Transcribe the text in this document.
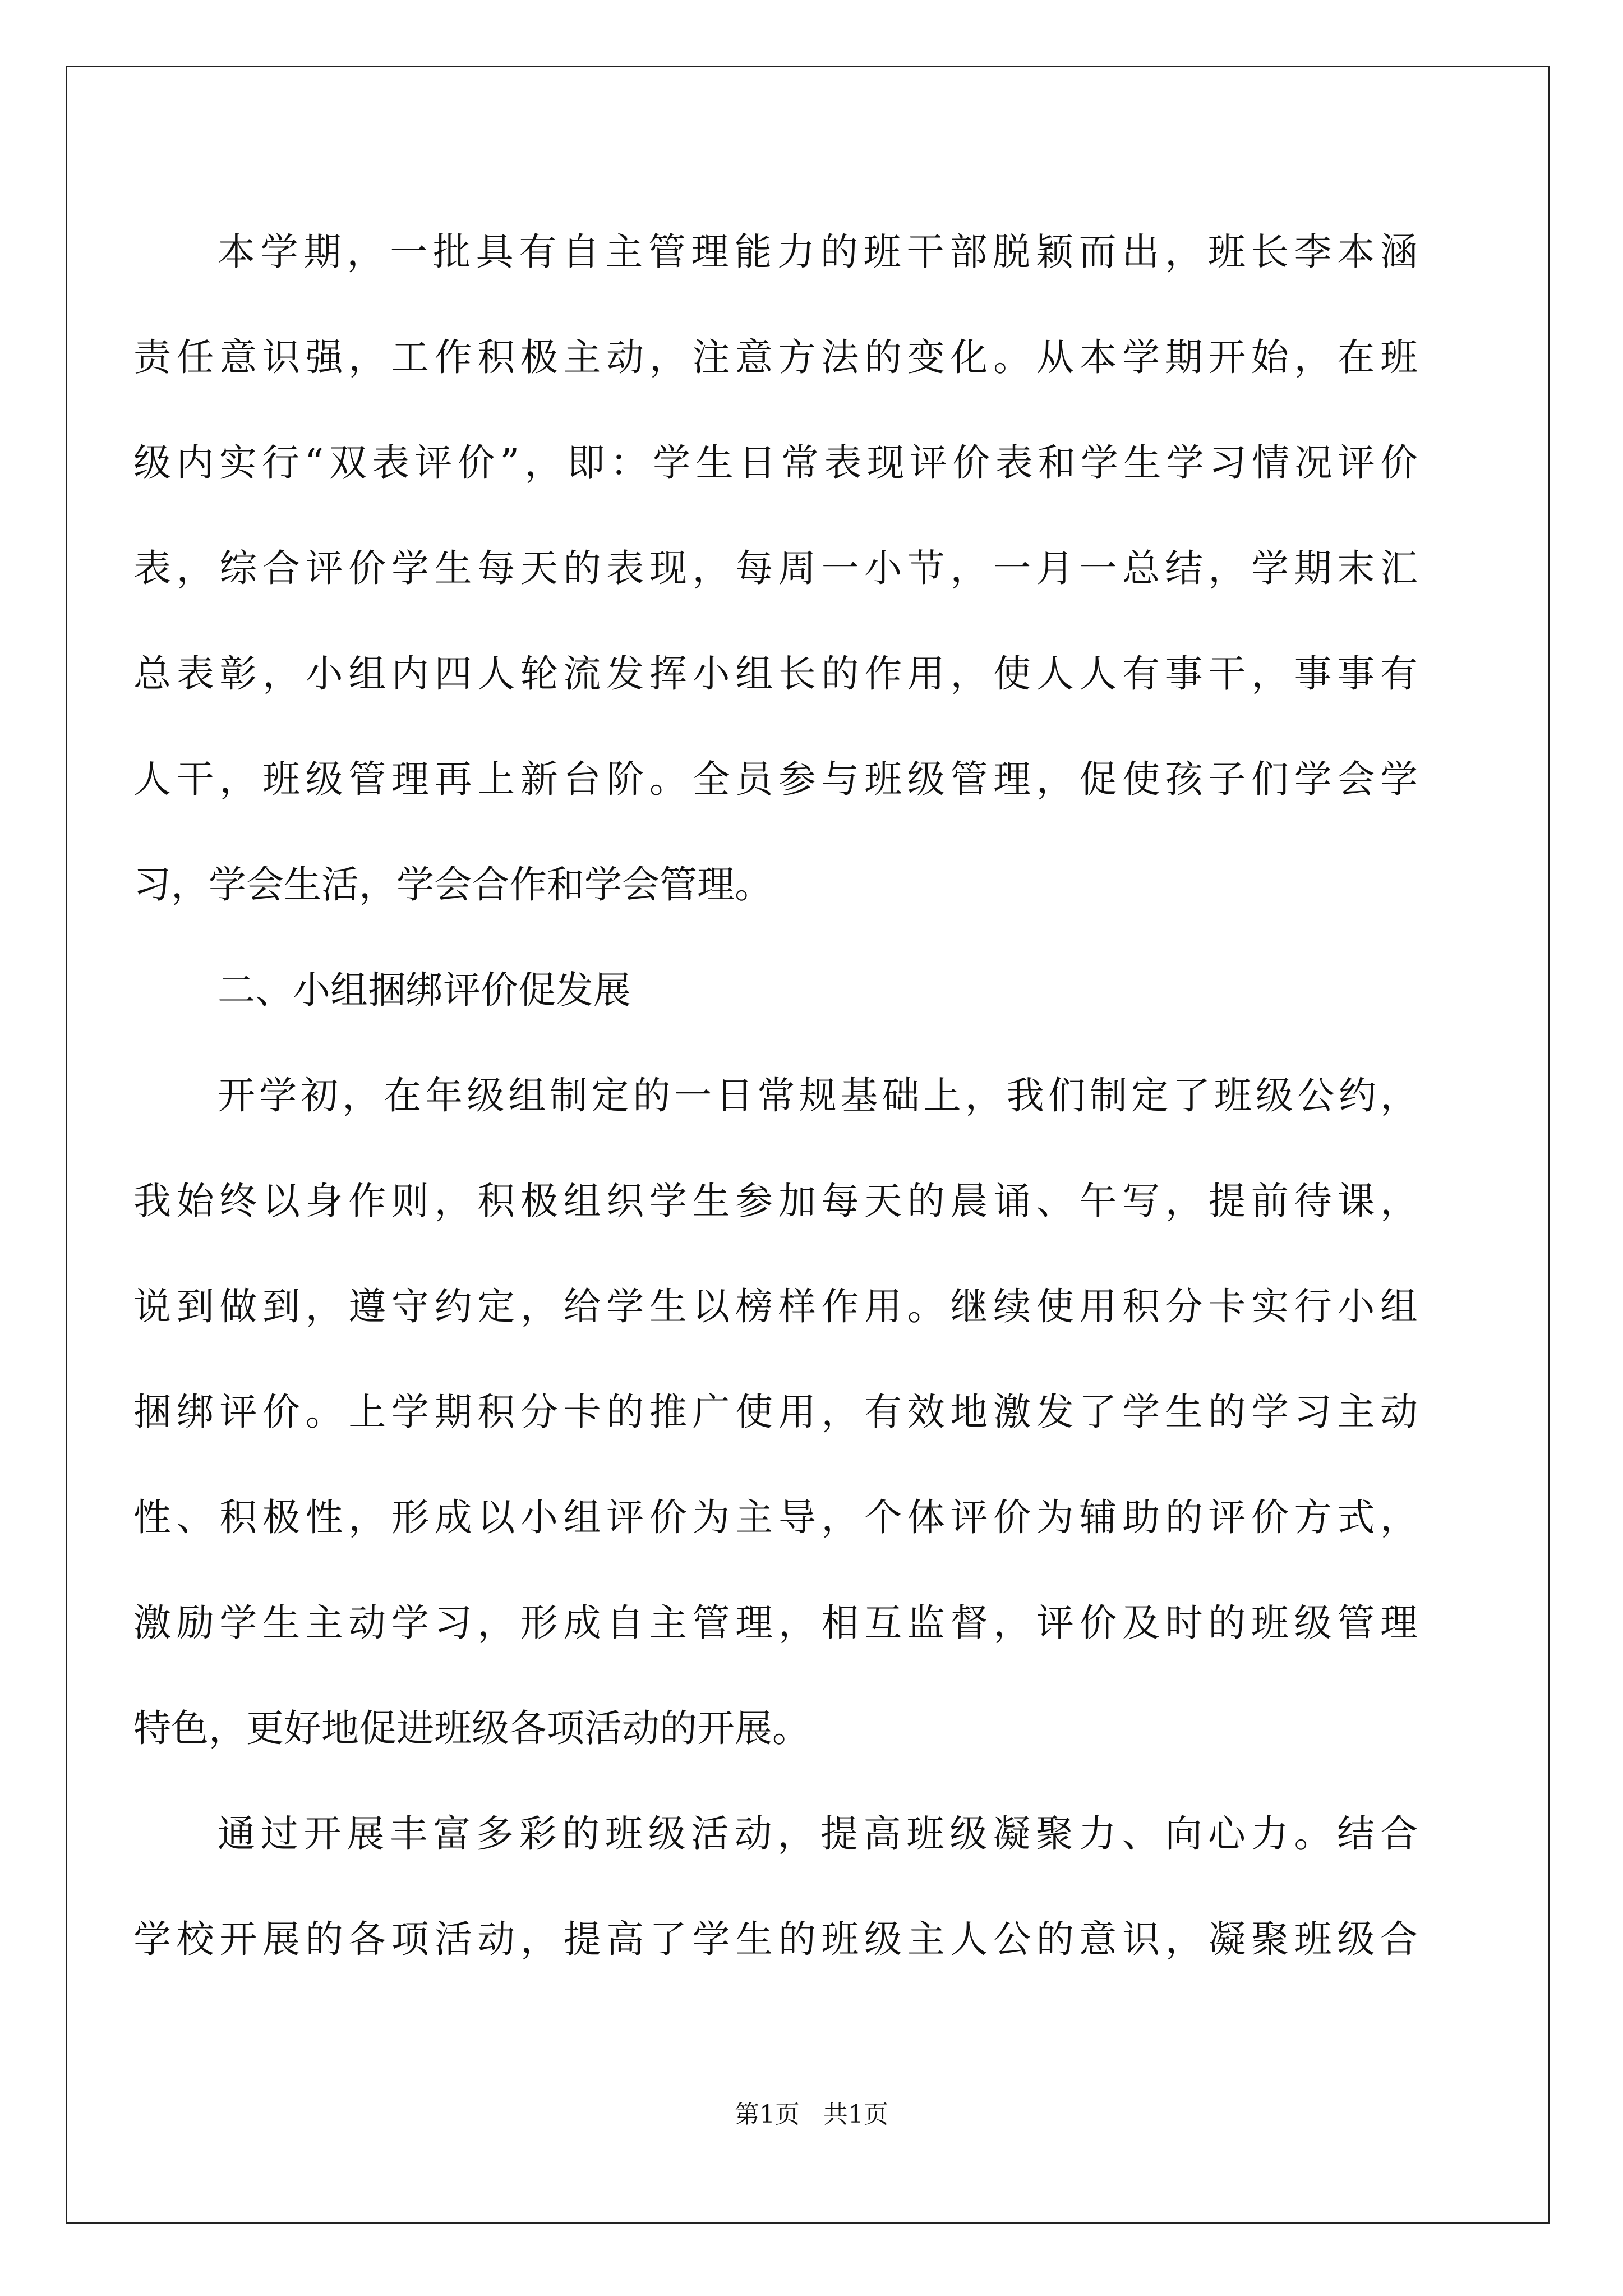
本学期，一批具有自主管理能力的班干部脱颖而出，班长李本涵
责任意识强，工作积极主动，注意方法的变化。从本学期开始，在班
级内实行“双表评价”，即：学生日常表现评价表和学生学习情况评价
表，综合评价学生每天的表现，每周一小节，一月一总结，学期末汇
总表彰，小组内四人轮流发挥小组长的作用，使人人有事干，事事有
人干，班级管理再上新台阶。全员参与班级管理，促使孩子们学会学
习，学会生活，学会合作和学会管理。
二、小组捆绑评价促发展
开学初，在年级组制定的一日常规基础上，我们制定了班级公约，
我始终以身作则，积极组织学生参加每天的晨诵、午写，提前待课，
说到做到，遵守约定，给学生以榜样作用。继续使用积分卡实行小组
捆绑评价。上学期积分卡的推广使用，有效地激发了学生的学习主动
性、积极性，形成以小组评价为主导，个体评价为辅助的评价方式，
激励学生主动学习，形成自主管理，相互监督，评价及时的班级管理
特色，更好地促进班级各项活动的开展。
通过开展丰富多彩的班级活动，提高班级凝聚力、向心力。结合
学校开展的各项活动，提高了学生的班级主人公的意识，凝聚班级合
第1页   共1页
